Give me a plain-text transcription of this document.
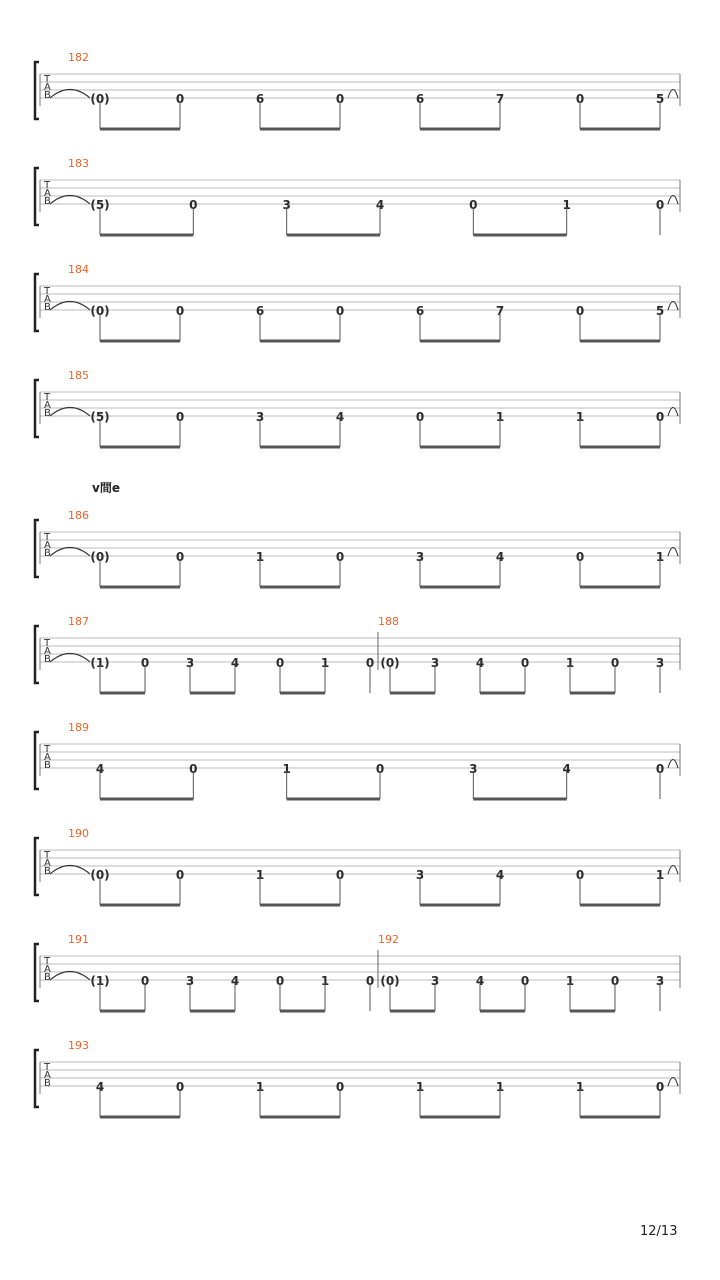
T
A
B
182
(0)	0	6	0	6	7	0	5
T
A
B
183
(5)	0	3	4	0	1	0
T
A
B
184
(0)	0	6	0	6	7	0	5
T
A
B
185
(5)	0	3	4	0	1	1	0
T
A
B
186
(0)	0	1	0	3	4	0	1
T
A
B
187
(1)	0	3	4	0	1	0
188
(0)	3	4	0	1	0	3
T
A
B
189
4	0	1	0	3	4	0
T
A
B
190
(0)	0	1	0	3	4	0	1
T
A
B
191
(1)	0	3	4	0	1	0
192
(0)	3	4	0	1	0	3
T
A
B
193
4	0	1	0	1	1	1	0
v間e
12/13
